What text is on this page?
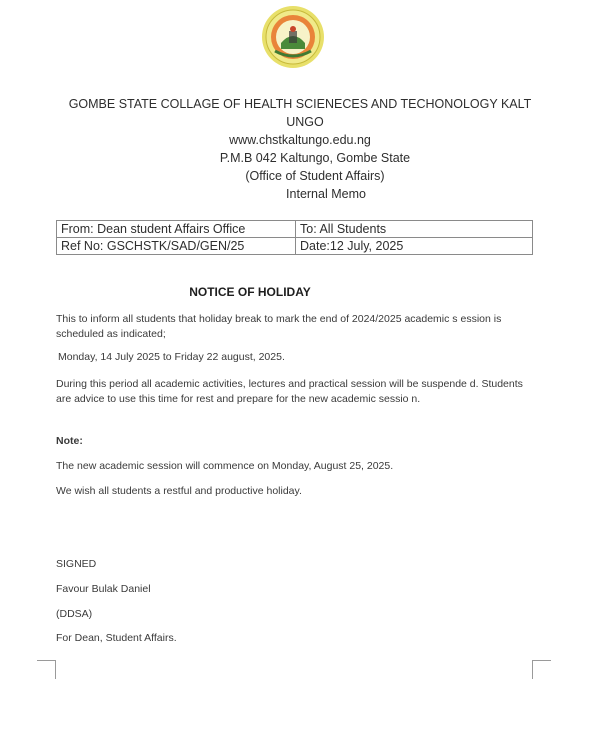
GOMBE STATE COLLAGE OF HEALTH SCIENECES AND TECHONOLOGY KALT
UNGO
www.chstkaltungo.edu.ng
P.M.B 042 Kaltungo, Gombe State
(Office of Student Affairs)
Internal Memo
From: Dean student Affairs Office	To: All Students
Ref No: GSCHSTK/SAD/GEN/25	Date:12 July, 2025
NOTICE OF HOLIDAY
This to inform all students that holiday break to mark the end of 2024/2025 academic s ession is scheduled as indicated;
Monday, 14 July 2025 to Friday 22 august, 2025.
During this period all academic activities, lectures and practical session will be suspende d. Students are advice to use this time for rest and prepare for the new academic sessio n.
Note:
The new academic session will commence on Monday, August 25, 2025.
We wish all students a restful and productive holiday.
SIGNED
Favour Bulak Daniel
(DDSA)
For Dean, Student Affairs.
